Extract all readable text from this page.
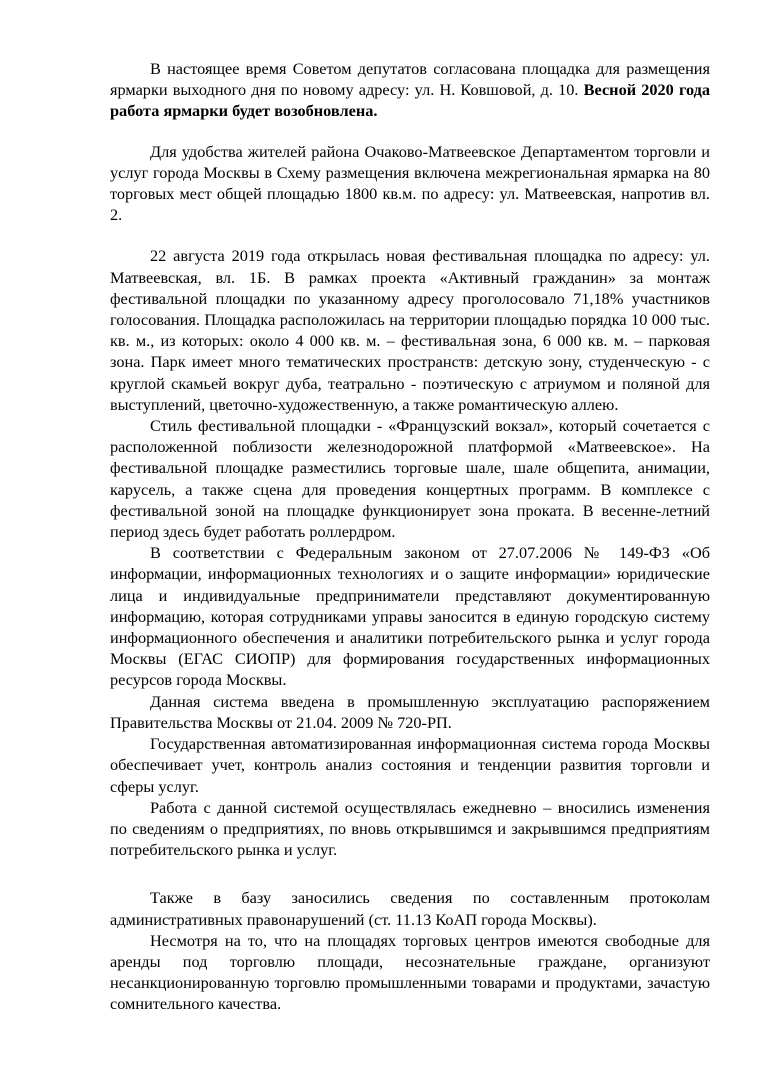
В настоящее время Советом депутатов согласована площадка для размещения ярмарки выходного дня по новому адресу: ул. Н. Ковшовой, д. 10. Весной 2020 года работа ярмарки будет возобновлена.

Для удобства жителей района Очаково-Матвеевское Департаментом торговли и услуг города Москвы в Схему размещения включена межрегиональная ярмарка на 80 торговых мест общей площадью 1800 кв.м. по адресу: ул. Матвеевская, напротив вл. 2.

22 августа 2019 года открылась новая фестивальная площадка по адресу: ул. Матвеевская, вл. 1Б. В рамках проекта «Активный гражданин» за монтаж фестивальной площадки по указанному адресу проголосовало 71,18% участников голосования. Площадка расположилась на территории площадью порядка 10 000 тыс. кв. м., из которых: около 4 000 кв. м. – фестивальная зона, 6 000 кв. м. – парковая зона. Парк имеет много тематических пространств: детскую зону, студенческую - с круглой скамьей вокруг дуба, театрально - поэтическую с атриумом и поляной для выступлений, цветочно-художественную, а также романтическую аллею.

Стиль фестивальной площадки - «Французский вокзал», который сочетается с расположенной поблизости железнодорожной платформой «Матвеевское». На фестивальной площадке разместились торговые шале, шале общепита, анимации, карусель, а также сцена для проведения концертных программ. В комплексе с фестивальной зоной на площадке функционирует зона проката. В весенне-летний период здесь будет работать роллердром.

В соответствии с Федеральным законом от 27.07.2006 № 149-ФЗ «Об информации, информационных технологиях и о защите информации» юридические лица и индивидуальные предприниматели представляют документированную информацию, которая сотрудниками управы заносится в единую городскую систему информационного обеспечения и аналитики потребительского рынка и услуг города Москвы (ЕГАС СИОПР) для формирования государственных информационных ресурсов города Москвы.

Данная система введена в промышленную эксплуатацию распоряжением Правительства Москвы от 21.04. 2009 № 720-РП.

Государственная автоматизированная информационная система города Москвы обеспечивает учет, контроль анализ состояния и тенденции развития торговли и сферы услуг.

Работа с данной системой осуществлялась ежедневно – вносились изменения по сведениям о предприятиях, по вновь открывшимся и закрывшимся предприятиям потребительского рынка и услуг.

Также в базу заносились сведения по составленным протоколам административных правонарушений (ст. 11.13 КоАП города Москвы).

Несмотря на то, что на площадях торговых центров имеются свободные для аренды под торговлю площади, несознательные граждане, организуют несанкционированную торговлю промышленными товарами и продуктами, зачастую сомнительного качества.
